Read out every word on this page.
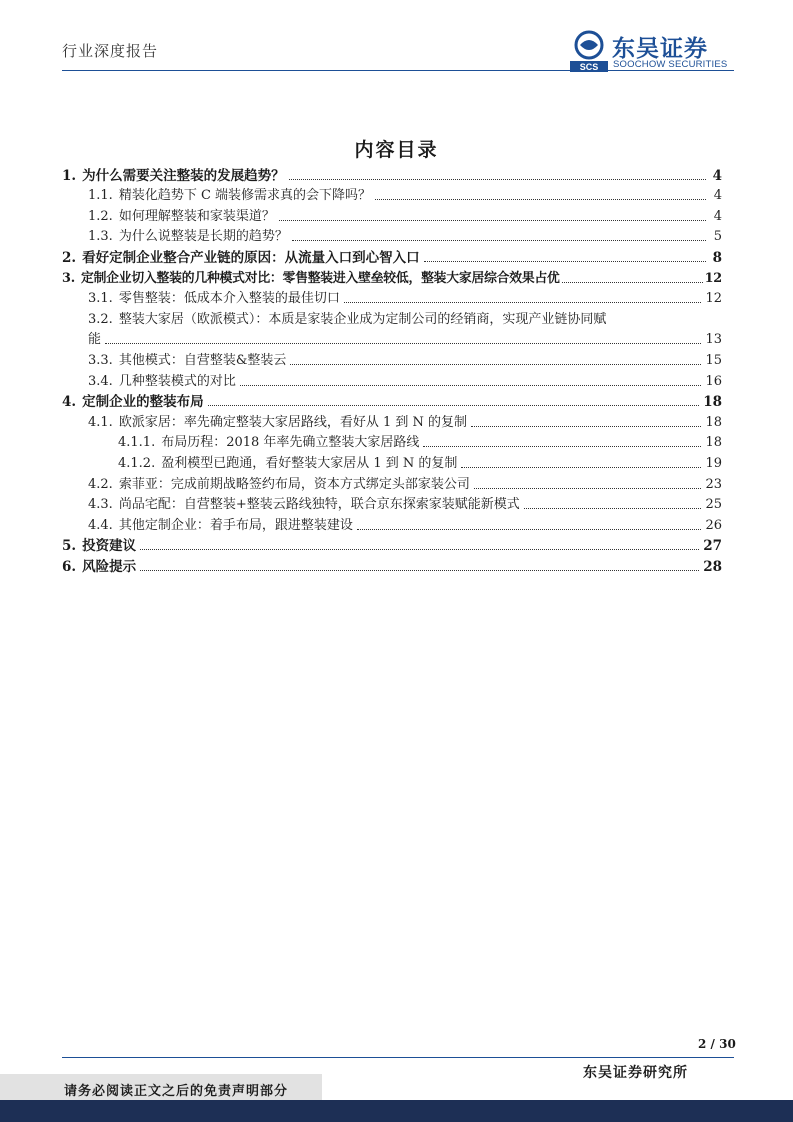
行业深度报告
SCS
东吴证券
SOOCHOW SECURITIES
内容目录
1. 为什么需要关注整装的发展趋势？	4
1.1. 精装化趋势下 C 端装修需求真的会下降吗？	4
1.2. 如何理解整装和家装渠道？	4
1.3. 为什么说整装是长期的趋势？	5
2. 看好定制企业整合产业链的原因：从流量入口到心智入口	8
3. 定制企业切入整装的几种模式对比：零售整装进入壁垒较低，整装大家居综合效果占优	12
3.1. 零售整装：低成本介入整装的最佳切口	12
3.2. 整装大家居（欧派模式）：本质是家装企业成为定制公司的经销商，实现产业链协同赋
能	13
3.3. 其他模式：自营整装&整装云	15
3.4. 几种整装模式的对比	16
4. 定制企业的整装布局	18
4.1. 欧派家居：率先确定整装大家居路线，看好从 1 到 N 的复制	18
4.1.1. 布局历程：2018 年率先确立整装大家居路线	18
4.1.2. 盈利模型已跑通，看好整装大家居从 1 到 N 的复制	19
4.2. 索菲亚：完成前期战略签约布局，资本方式绑定头部家装公司	23
4.3. 尚品宅配：自营整装+整装云路线独特，联合京东探索家装赋能新模式	25
4.4. 其他定制企业：着手布局，跟进整装建设	26
5. 投资建议	27
6. 风险提示	28
2 / 30
东吴证券研究所
请务必阅读正文之后的免责声明部分
